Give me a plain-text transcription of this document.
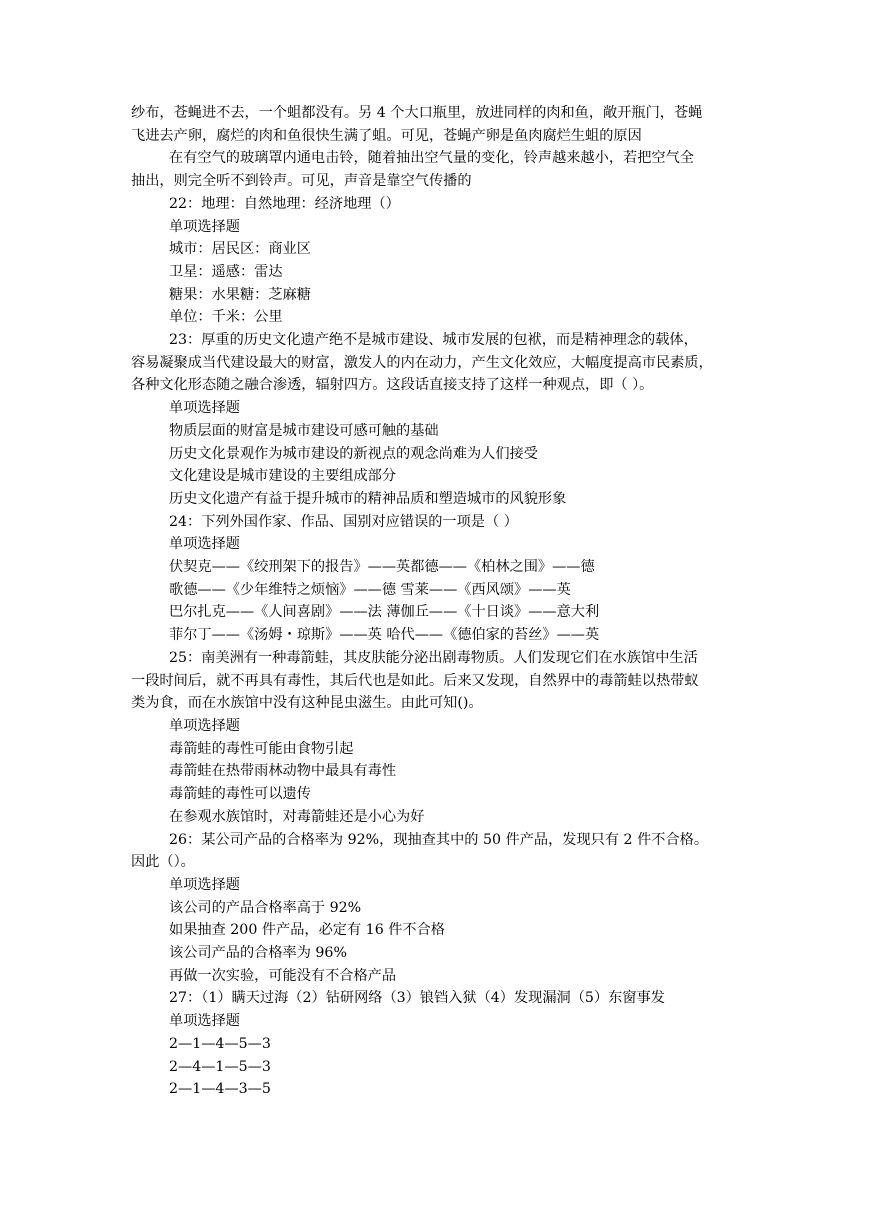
纱布，苍蝇进不去，一个蛆都没有。另 4 个大口瓶里，放进同样的肉和鱼，敞开瓶门，苍蝇

飞进去产卵，腐烂的肉和鱼很快生满了蛆。可见，苍蝇产卵是鱼肉腐烂生蛆的原因

在有空气的玻璃罩内通电击铃，随着抽出空气量的变化，铃声越来越小，若把空气全

抽出，则完全听不到铃声。可见，声音是靠空气传播的

22：地理：自然地理：经济地理（）

单项选择题

城市：居民区：商业区

卫星：遥感：雷达

糖果：水果糖：芝麻糖

单位：千米：公里

23：厚重的历史文化遗产绝不是城市建设、城市发展的包袱，而是精神理念的载体，

容易凝聚成当代建设最大的财富，激发人的内在动力，产生文化效应，大幅度提高市民素质，

各种文化形态随之融合渗透，辐射四方。这段话直接支持了这样一种观点，即（ ）。

单项选择题

物质层面的财富是城市建设可感可触的基础

历史文化景观作为城市建设的新视点的观念尚难为人们接受

文化建设是城市建设的主要组成部分

历史文化遗产有益于提升城市的精神品质和塑造城市的风貌形象

24：下列外国作家、作品、国别对应错误的一项是（ ）

单项选择题

伏契克——《绞刑架下的报告》——英都德——《柏林之围》——德

歌德——《少年维特之烦恼》——德 雪莱——《西风颂》——英

巴尔扎克——《人间喜剧》——法 薄伽丘——《十日谈》——意大利

菲尔丁——《汤姆・琼斯》——英 哈代——《德伯家的苔丝》——英

25：南美洲有一种毒箭蛙，其皮肤能分泌出剧毒物质。人们发现它们在水族馆中生活

一段时间后，就不再具有毒性，其后代也是如此。后来又发现，自然界中的毒箭蛙以热带蚁

类为食，而在水族馆中没有这种昆虫滋生。由此可知()。

单项选择题

毒箭蛙的毒性可能由食物引起

毒箭蛙在热带雨林动物中最具有毒性

毒箭蛙的毒性可以遗传

在参观水族馆时，对毒箭蛙还是小心为好

26：某公司产品的合格率为 92%，现抽查其中的 50 件产品，发现只有 2 件不合格。

因此（）。

单项选择题

该公司的产品合格率高于 92%

如果抽查 200 件产品，必定有 16 件不合格

该公司产品的合格率为 96%

再做一次实验，可能没有不合格产品

27：（1）瞒天过海（2）钻研网络（3）锒铛入狱（4）发现漏洞（5）东窗事发

单项选择题

2—1—4—5—3

2—4—1—5—3

2—1—4—3—5
